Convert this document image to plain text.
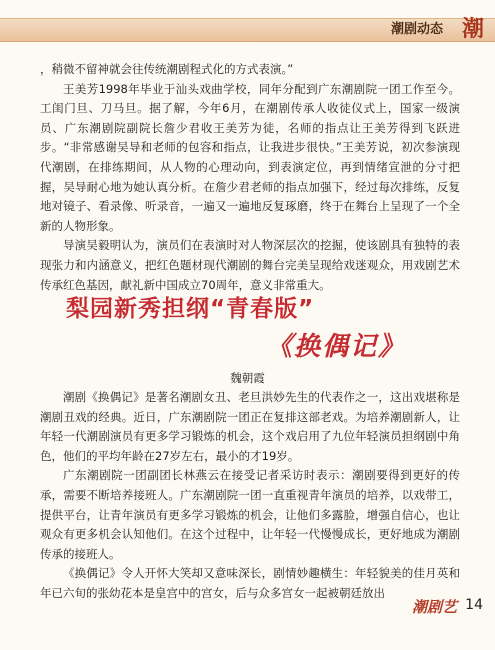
潮剧动态 潮

，稍微不留神就会往传统潮剧程式化的方式表演。”

王美芳1998年毕业于汕头戏曲学校，同年分配到广东潮剧院一团工作至今。工闺门旦、刀马旦。据了解，今年6月，在潮剧传承人收徒仪式上，国家一级演员、广东潮剧院副院长詹少君收王美芳为徒，名师的指点让王美芳得到飞跃进步。“非常感谢吴导和老师的包容和指点，让我进步很快。”王美芳说，初次参演现代潮剧，在排练期间，从人物的心理动向，到表演定位，再到情绪宣泄的分寸把握，吴导耐心地为她认真分析。在詹少君老师的指点加强下，经过每次排练，反复地对镜子、看录像、听录音，一遍又一遍地反复琢磨，终于在舞台上呈现了一个全新的人物形象。

导演吴毅明认为，演员们在表演时对人物深层次的挖掘，使该剧具有独特的表现张力和内涵意义，把红色题材现代潮剧的舞台完美呈现给戏迷观众，用戏剧艺术传承红色基因，献礼新中国成立70周年，意义非常重大。

梨园新秀担纲“青春版”
《换偶记》
魏朝霞

潮剧《换偶记》是著名潮剧女丑、老旦洪妙先生的代表作之一，这出戏堪称是潮剧丑戏的经典。近日，广东潮剧院一团正在复排这部老戏。为培养潮剧新人，让年轻一代潮剧演员有更多学习锻炼的机会，这个戏启用了九位年轻演员担纲剧中角色，他们的平均年龄在27岁左右，最小的才19岁。

广东潮剧院一团副团长林燕云在接受记者采访时表示：潮剧要得到更好的传承，需要不断培养接班人。广东潮剧院一团一直重视青年演员的培养，以戏带工，提供平台，让青年演员有更多学习锻炼的机会，让他们多露脸，增强自信心，也让观众有更多机会认知他们。在这个过程中，让年轻一代慢慢成长，更好地成为潮剧传承的接班人。

《换偶记》令人开怀大笑却又意味深长，剧情妙趣横生：年轻貌美的佳月英和年已六旬的张幼花本是皇宫中的宫女，后与众多宫女一起被朝廷放出

潮剧艺 14
